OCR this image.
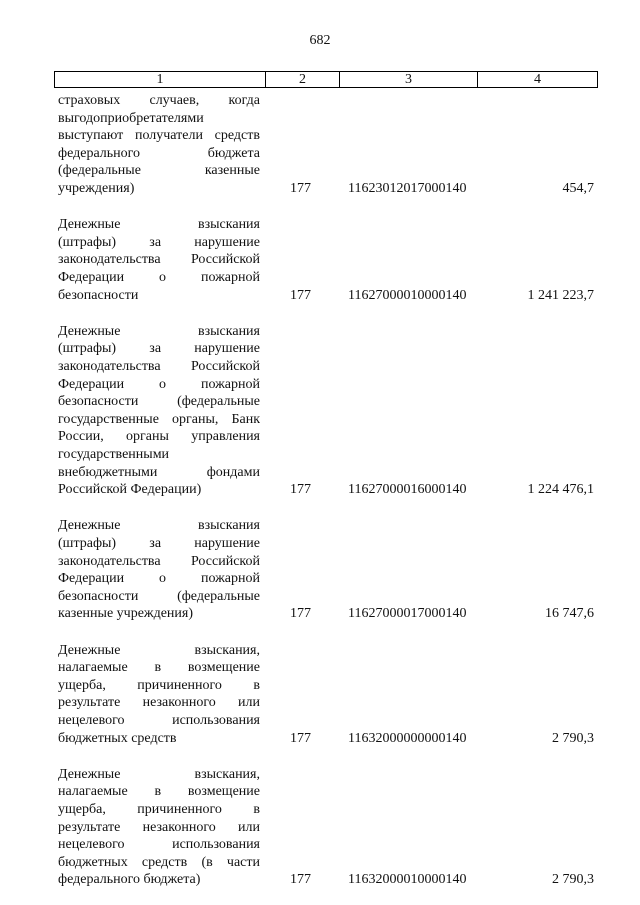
682
1	2	3	4
страховых случаев, когда
выгодоприобретателями
выступают получатели средств
федерального бюджета
(федеральные казенные
учреждения)	177	11623012017000140	454,7
Денежные взыскания
(штрафы) за нарушение
законодательства Российской
Федерации о пожарной
безопасности	177	11627000010000140	1 241 223,7
Денежные взыскания
(штрафы) за нарушение
законодательства Российской
Федерации о пожарной
безопасности (федеральные
государственные органы, Банк
России, органы управления
государственными
внебюджетными фондами
Российской Федерации)	177	11627000016000140	1 224 476,1
Денежные взыскания
(штрафы) за нарушение
законодательства Российской
Федерации о пожарной
безопасности (федеральные
казенные учреждения)	177	11627000017000140	16 747,6
Денежные взыскания,
налагаемые в возмещение
ущерба, причиненного в
результате незаконного или
нецелевого использования
бюджетных средств	177	11632000000000140	2 790,3
Денежные взыскания,
налагаемые в возмещение
ущерба, причиненного в
результате незаконного или
нецелевого использования
бюджетных средств (в части
федерального бюджета)	177	11632000010000140	2 790,3
